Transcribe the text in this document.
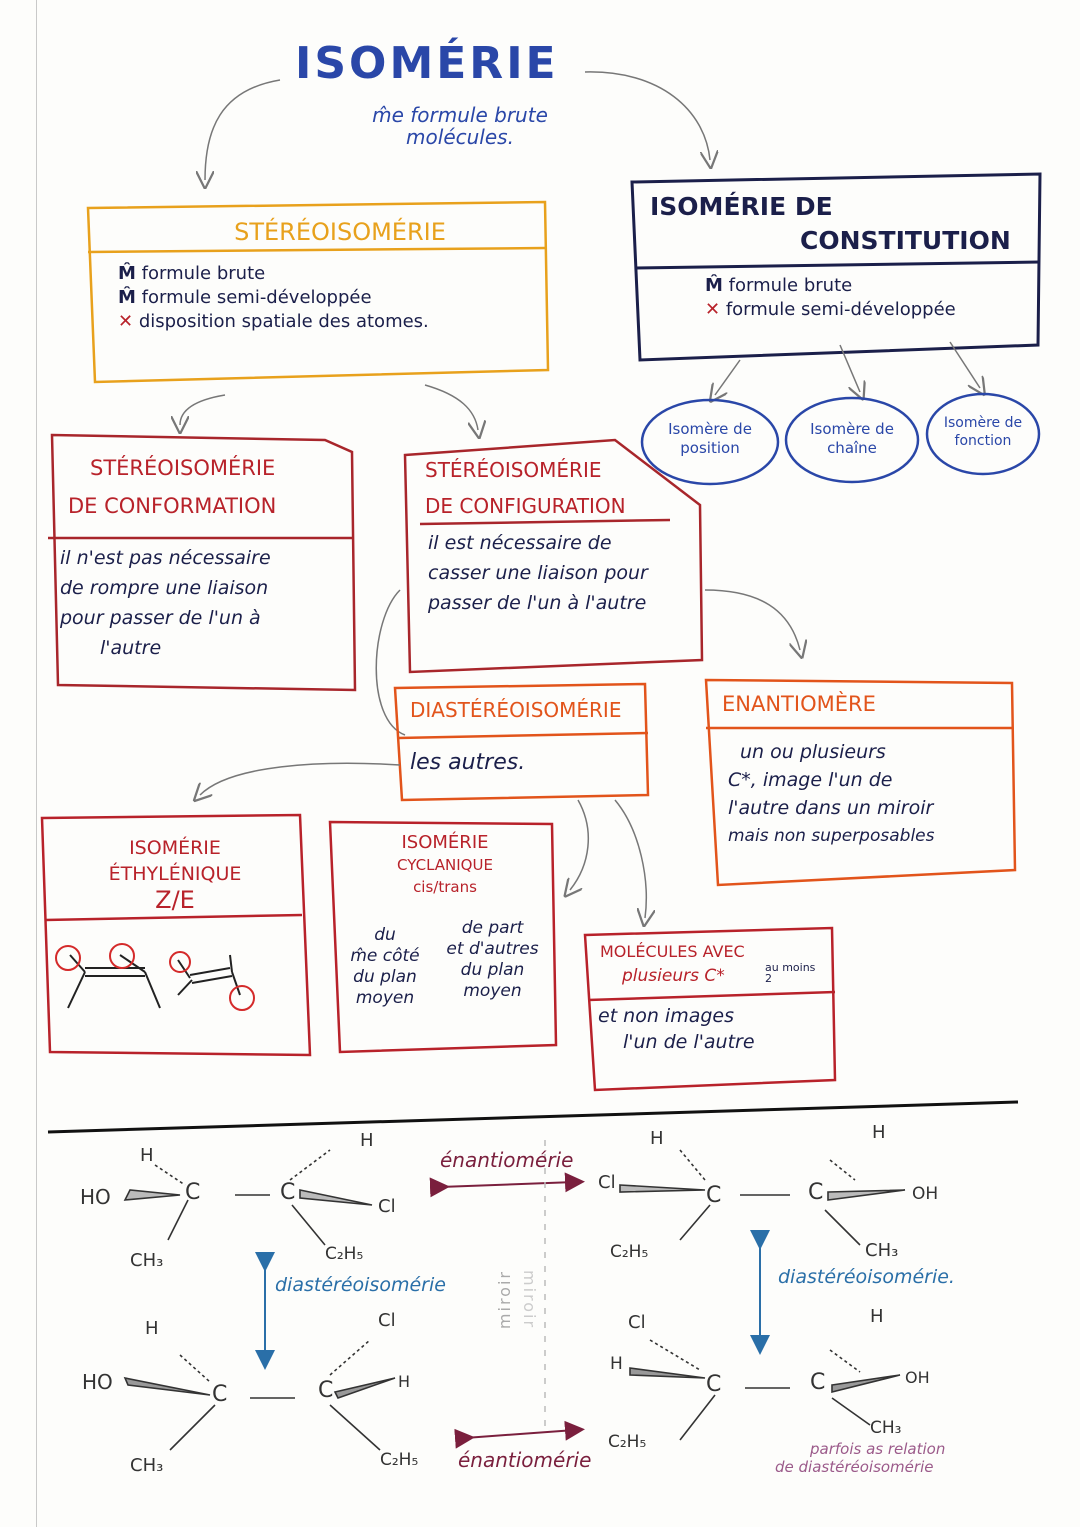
ISOMÉRIE
m̂e formule brute
molécules.
STÉRÉOISOMÉRIE
M̂ formule brute
M̂ formule semi-développée
✕ disposition spatiale des atomes.
ISOMÉRIE DE
CONSTITUTION
M̂ formule brute
✕ formule semi-développée
Isomère de position
Isomère de chaîne
Isomère de fonction
STÉRÉOISOMÉRIE
DE CONFORMATION
il n'est pas nécessaire
de rompre une liaison
pour passer de l'un à
l'autre
STÉRÉOISOMÉRIE
DE CONFIGURATION
il est nécessaire de
casser une liaison pour
passer de l'un à l'autre
DIASTÉRÉOISOMÉRIE
les autres.
ENANTIOMÈRE
un ou plusieurs
C*, image l'un de
l'autre dans un miroir
mais non superposables
ISOMÉRIE
ÉTHYLÉNIQUE
Z/E
ISOMÉRIE
CYCLANIQUE
cis/trans
du
m̂e côté
du plan
moyen
de part
et d'autres
du plan
moyen
MOLÉCULES AVEC
plusieurs C*	au moins 2
et non images
l'un de l'autre
énantiomérie
énantiomérie
diastéréoisomérie	diastéréoisomérie.
miroir miroir
H
HO	C
CH₃
H
C
Cl
C₂H₅
H
Cl
C
C₂H₅
H
C	OH
CH₃
H
HO	C
CH₃
Cl
C	H
C₂H₅
Cl
H
C
C₂H₅
H
C	OH
CH₃
parfois as relation
de diastéréoisomérie
